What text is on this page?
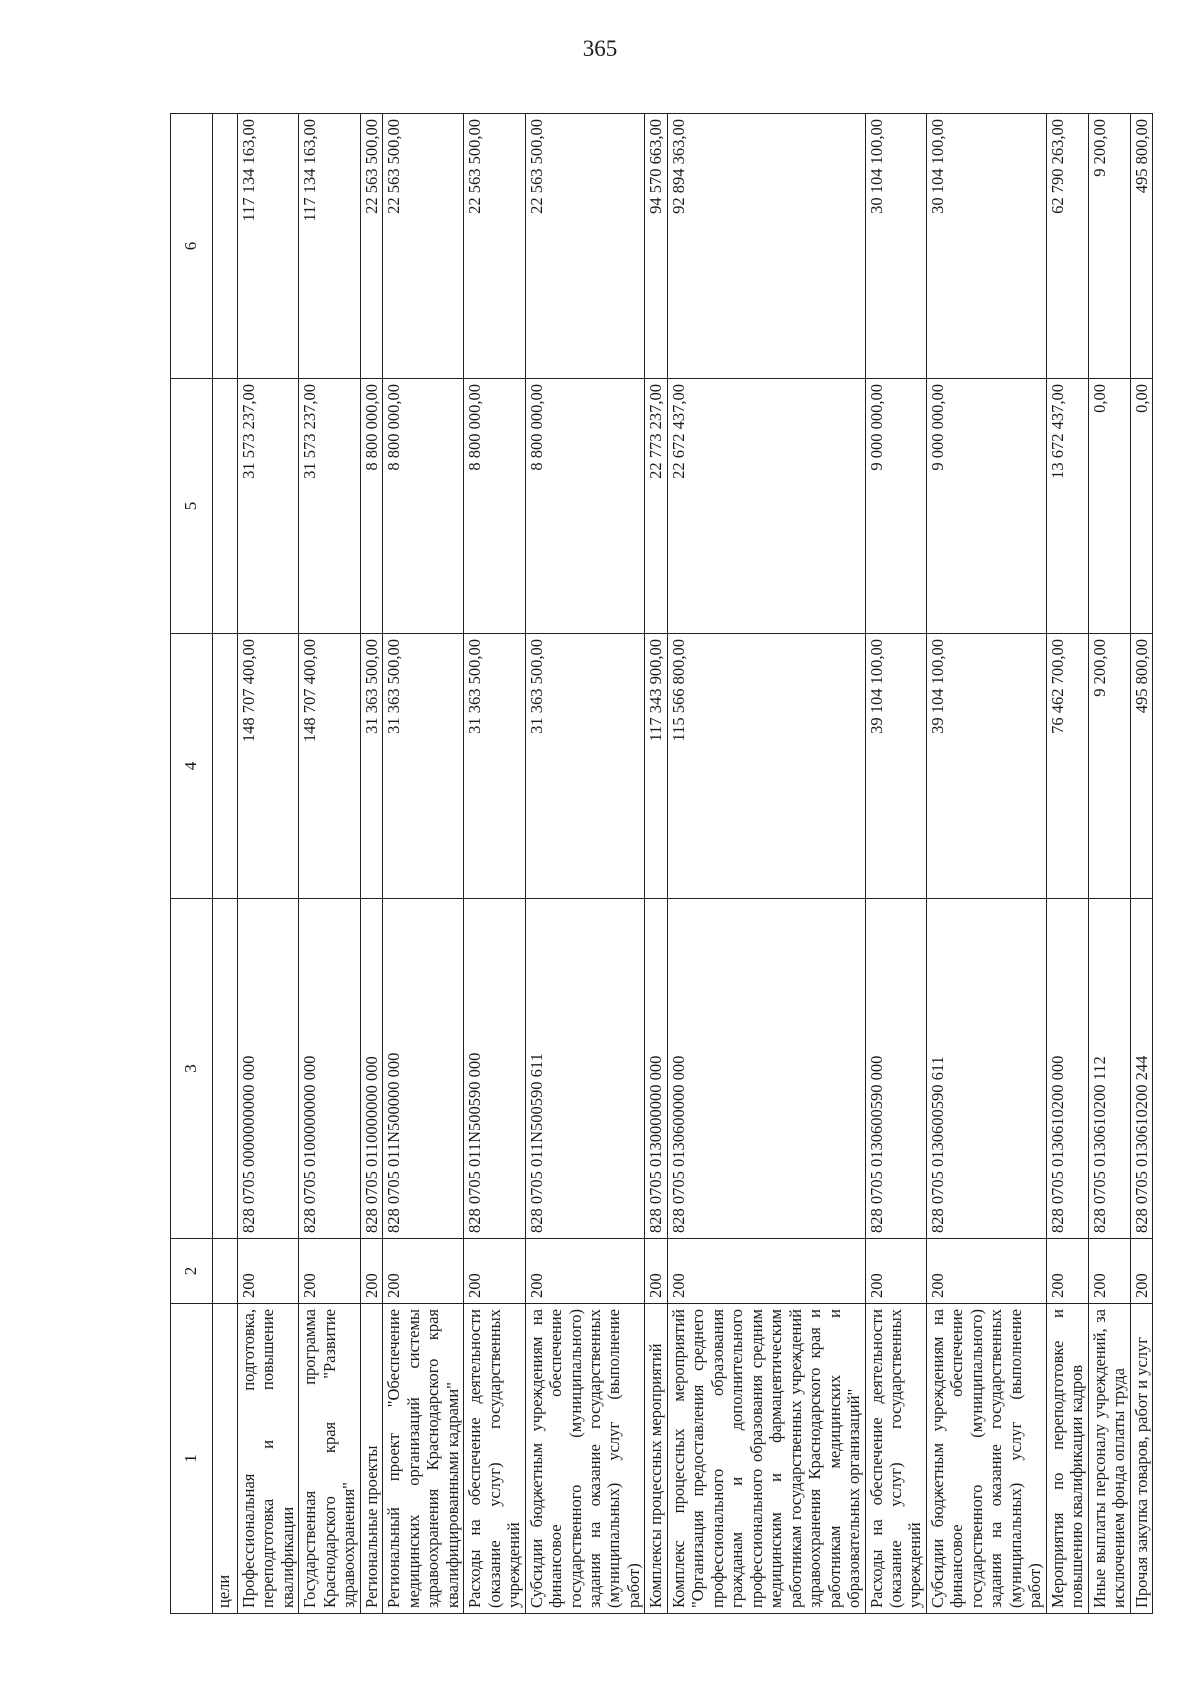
365
1	2	3	4	5	6
цели					
Профессиональная подготовка, переподготовка и повышение квалификации	200	828 0705 0000000000 000	148 707 400,00	31 573 237,00	117 134 163,00
Государственная программа Краснодарского края "Развитие здравоохранения"	200	828 0705 0100000000 000	148 707 400,00	31 573 237,00	117 134 163,00
Региональные проекты	200	828 0705 0110000000 000	31 363 500,00	8 800 000,00	22 563 500,00
Региональный проект "Обеспечение медицинских организаций системы здравоохранения Краснодарского края квалифицированными кадрами"	200	828 0705 011N500000 000	31 363 500,00	8 800 000,00	22 563 500,00
Расходы на обеспечение деятельности (оказание услуг) государственных учреждений	200	828 0705 011N500590 000	31 363 500,00	8 800 000,00	22 563 500,00
Субсидии бюджетным учреждениям на финансовое обеспечение государственного (муниципального) задания на оказание государственных (муниципальных) услуг (выполнение работ)	200	828 0705 011N500590 611	31 363 500,00	8 800 000,00	22 563 500,00
Комплексы процессных мероприятий	200	828 0705 0130000000 000	117 343 900,00	22 773 237,00	94 570 663,00
Комплекс процессных мероприятий "Организация предоставления среднего профессионального образования гражданам и дополнительного профессионального образования средним медицинским и фармацевтическим работникам государственных учреждений здравоохранения Краснодарского края и работникам медицинских и образовательных организаций"	200	828 0705 0130600000 000	115 566 800,00	22 672 437,00	92 894 363,00
Расходы на обеспечение деятельности (оказание услуг) государственных учреждений	200	828 0705 0130600590 000	39 104 100,00	9 000 000,00	30 104 100,00
Субсидии бюджетным учреждениям на финансовое обеспечение государственного (муниципального) задания на оказание государственных (муниципальных) услуг (выполнение работ)	200	828 0705 0130600590 611	39 104 100,00	9 000 000,00	30 104 100,00
Мероприятия по переподготовке и повышению квалификации кадров	200	828 0705 0130610200 000	76 462 700,00	13 672 437,00	62 790 263,00
Иные выплаты персоналу учреждений, за исключением фонда оплаты труда	200	828 0705 0130610200 112	9 200,00	0,00	9 200,00
Прочая закупка товаров, работ и услуг	200	828 0705 0130610200 244	495 800,00	0,00	495 800,00
